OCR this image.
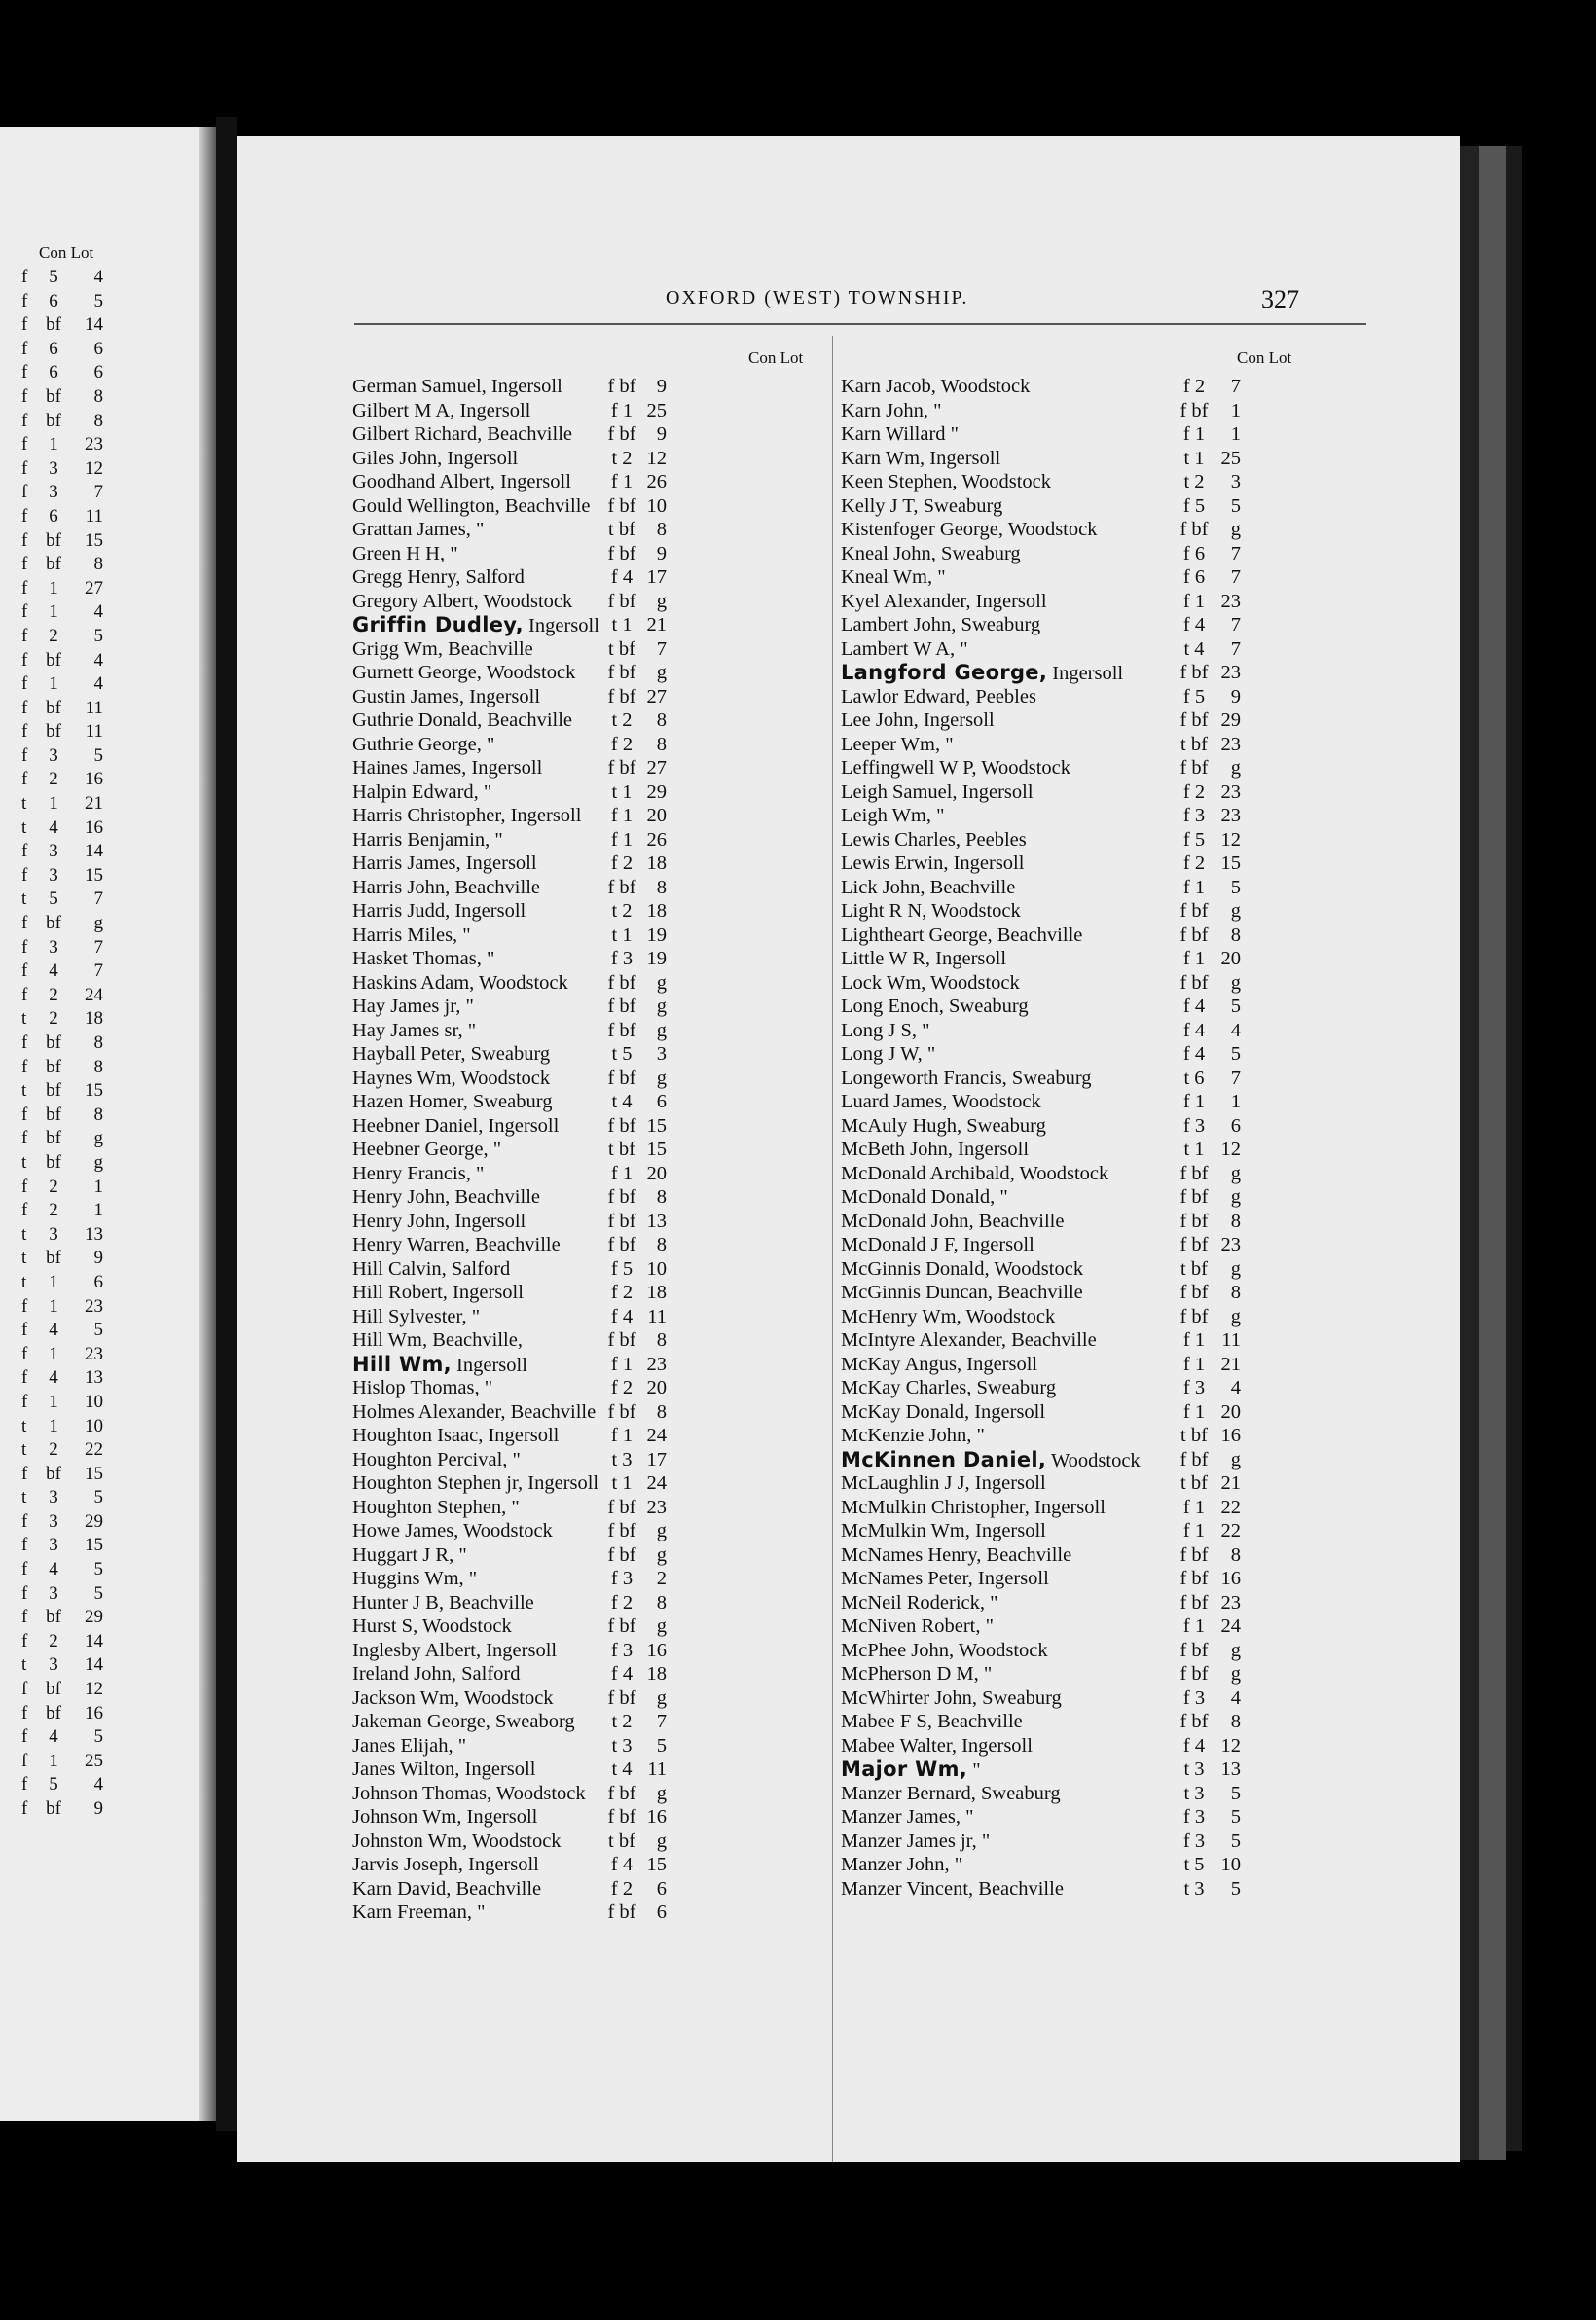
Con Lot
f 5 4
f 6 5
f bf 14
f 6 6
f 6 6
f bf 8
f bf 8
f 1 23
f 3 12
f 3 7
f 6 11
f bf 15
f bf 8
f 1 27
f 1 4
f 2 5
f bf 4
f 1 4
f bf 11
f bf 11
f 3 5
f 2 16
t 1 21
t 4 16
f 3 14
f 3 15
t 5 7
f bf g
f 3 7
f 4 7
f 2 24
t 2 18
f bf 8
f bf 8
t bf 15
f bf 8
f bf g
t bf g
f 2 1
f 2 1
t 3 13
t bf 9
t 1 6
f 1 23
f 4 5
f 1 23
f 4 13
f 1 10
t 1 10
t 2 22
f bf 15
t 3 5
f 3 29
f 3 15
f 4 5
f 3 5
f bf 29
f 2 14
t 3 14
f bf 12
f bf 16
f 4 5
f 1 25
f 5 4
f bf 9
OXFORD (WEST) TOWNSHIP.	327
Con Lot	Con Lot
German Samuel, Ingersoll f bf	9
Gilbert M A, Ingersoll	f 1 25
Gilbert Richard, Beachville f bf	9
Giles John, Ingersoll	t 2 12
Goodhand Albert, Ingersoll f 1 26
Gould Wellington, Beachville f bf 10
Grattan James, "	t bf	8
Green H H, "	f bf	9
Gregg Henry, Salford	f 4 17
Gregory Albert, Woodstock f bf	g
Griffin Dudley, Ingersoll t 1 21
Grigg Wm, Beachville	t bf	7
Gurnett George, Woodstock f bf	g
Gustin James, Ingersoll	f bf 27
Guthrie Donald, Beachville t 2	8
Guthrie George, "	f 2	8
Haines James, Ingersoll	f bf 27
Halpin Edward, "	t 1 29
Harris Christopher, Ingersoll f 1 20
Harris Benjamin, "	f 1 26
Harris James, Ingersoll	f 2 18
Harris John, Beachville	f bf	8
Harris Judd, Ingersoll	t 2 18
Harris Miles, "	t 1 19
Hasket Thomas, "	f 3 19
Haskins Adam, Woodstock f bf	g
Hay James jr, "	f bf	g
Hay James sr, "	f bf	g
Hayball Peter, Sweaburg	t 5	3
Haynes Wm, Woodstock	f bf	g
Hazen Homer, Sweaburg	t 4	6
Heebner Daniel, Ingersoll f bf 15
Heebner George, "	t bf 15
Henry Francis, "	f 1 20
Henry John, Beachville	f bf	8
Henry John, Ingersoll	f bf 13
Henry Warren, Beachville f bf	8
Hill Calvin, Salford	f 5 10
Hill Robert, Ingersoll	f 2 18
Hill Sylvester, "	f 4 11
Hill Wm, Beachville,	f bf	8
Hill Wm, Ingersoll	f 1 23
Hislop Thomas, "	f 2 20
Holmes Alexander, Beachville f bf	8
Houghton Isaac, Ingersoll	f 1 24
Houghton Percival, "	t 3 17
Houghton Stephen jr, Ingersoll t 1 24
Houghton Stephen, "	f bf 23
Howe James, Woodstock	f bf	g
Huggart J R, "	f bf	g
Huggins Wm, "	f 3	2
Hunter J B, Beachville	f 2	8
Hurst S, Woodstock	f bf	g
Inglesby Albert, Ingersoll	f 3 16
Ireland John, Salford	f 4 18
Jackson Wm, Woodstock	f bf	g
Jakeman George, Sweaborg t 2	7
Janes Elijah, "	t 3	5
Janes Wilton, Ingersoll	t 4 11
Johnson Thomas, Woodstock f bf	g
Johnson Wm, Ingersoll	f bf 16
Johnston Wm, Woodstock t bf	g
Jarvis Joseph, Ingersoll	f 4 15
Karn David, Beachville	f 2	6
Karn Freeman, "	f bf	6
Karn Jacob, Woodstock	f 2	7
Karn John, "	f bf	1
Karn Willard "	f 1	1
Karn Wm, Ingersoll	t 1 25
Keen Stephen, Woodstock	t 2	3
Kelly J T, Sweaburg	f 5	5
Kistenfoger George, Woodstock	f bf	g
Kneal John, Sweaburg	f 6	7
Kneal Wm, "	f 6	7
Kyel Alexander, Ingersoll	f 1 23
Lambert John, Sweaburg	f 4	7
Lambert W A, "	t 4	7
Langford George, Ingersoll	f bf 23
Lawlor Edward, Peebles	f 5	9
Lee John, Ingersoll	f bf 29
Leeper Wm, "	t bf 23
Leffingwell W P, Woodstock	f bf	g
Leigh Samuel, Ingersoll	f 2 23
Leigh Wm, "	f 3 23
Lewis Charles, Peebles	f 5 12
Lewis Erwin, Ingersoll	f 2 15
Lick John, Beachville	f 1	5
Light R N, Woodstock	f bf	g
Lightheart George, Beachville	f bf	8
Little W R, Ingersoll	f 1 20
Lock Wm, Woodstock	f bf	g
Long Enoch, Sweaburg	f 4	5
Long J S, "	f 4	4
Long J W, "	f 4	5
Longeworth Francis, Sweaburg	t 6	7
Luard James, Woodstock	f 1	1
McAuly Hugh, Sweaburg	f 3	6
McBeth John, Ingersoll	t 1 12
McDonald Archibald, Woodstock	f bf	g
McDonald Donald, "	f bf	g
McDonald John, Beachville	f bf	8
McDonald J F, Ingersoll	f bf 23
McGinnis Donald, Woodstock	t bf	g
McGinnis Duncan, Beachville	f bf	8
McHenry Wm, Woodstock	f bf	g
McIntyre Alexander, Beachville	f 1 11
McKay Angus, Ingersoll	f 1 21
McKay Charles, Sweaburg	f 3	4
McKay Donald, Ingersoll	f 1 20
McKenzie John, "	t bf 16
McKinnen Daniel, Woodstock f bf	g
McLaughlin J J, Ingersoll	t bf 21
McMulkin Christopher, Ingersoll	f 1 22
McMulkin Wm, Ingersoll	f 1 22
McNames Henry, Beachville	f bf	8
McNames Peter, Ingersoll	f bf 16
McNeil Roderick, "	f bf 23
McNiven Robert, "	f 1 24
McPhee John, Woodstock	f bf	g
McPherson D M, "	f bf	g
McWhirter John, Sweaburg	f 3	4
Mabee F S, Beachville	f bf	8
Mabee Walter, Ingersoll	f 4 12
Major Wm, "	t 3 13
Manzer Bernard, Sweaburg	t 3	5
Manzer James, "	f 3	5
Manzer James jr, "	f 3	5
Manzer John, "	t 5 10
Manzer Vincent, Beachville	t 3	5
